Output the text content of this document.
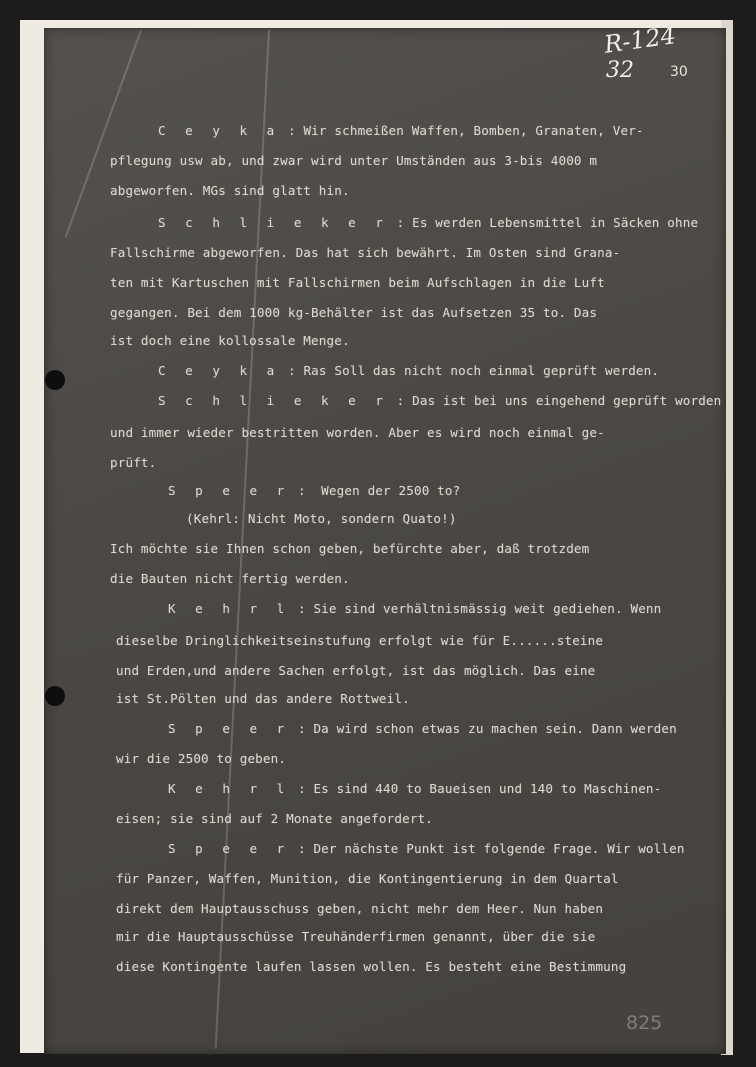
R-124
32	30
C e y k a : Wir schmeißen Waffen, Bomben, Granaten, Ver-
pflegung usw ab, und zwar wird unter Umständen aus 3-bis 4000 m
abgeworfen. MGs sind glatt hin.
S c h l i e k e r : Es werden Lebensmittel in Säcken ohne
Fallschirme abgeworfen. Das hat sich bewährt. Im Osten sind Grana-
ten mit Kartuschen mit Fallschirmen beim Aufschlagen in die Luft
gegangen. Bei dem 1000 kg-Behälter ist das Aufsetzen 35 to. Das
ist doch eine kollossale Menge.
C e y k a : Ras Soll das nicht noch einmal geprüft werden.
S c h l i e k e r : Das ist bei uns eingehend geprüft worden
und immer wieder bestritten worden. Aber es wird noch einmal ge-
prüft.
S p e e r :  Wegen der 2500 to?
(Kehrl: Nicht Moto, sondern Quato!)
Ich möchte sie Ihnen schon geben, befürchte aber, daß trotzdem
die Bauten nicht fertig werden.
K e h r l : Sie sind verhältnismässig weit gediehen. Wenn
dieselbe Dringlichkeitseinstufung erfolgt wie für E......steine
und Erden,und andere Sachen erfolgt, ist das möglich. Das eine
ist St.Pölten und das andere Rottweil.
S p e e r : Da wird schon etwas zu machen sein. Dann werden
wir die 2500 to geben.
K e h r l : Es sind 440 to Baueisen und 140 to Maschinen-
eisen; sie sind auf 2 Monate angefordert.
S p e e r : Der nächste Punkt ist folgende Frage. Wir wollen
für Panzer, Waffen, Munition, die Kontingentierung in dem Quartal
direkt dem Hauptausschuss geben, nicht mehr dem Heer. Nun haben
mir die Hauptausschüsse Treuhänderfirmen genannt, über die sie
diese Kontingente laufen lassen wollen. Es besteht eine Bestimmung
825
